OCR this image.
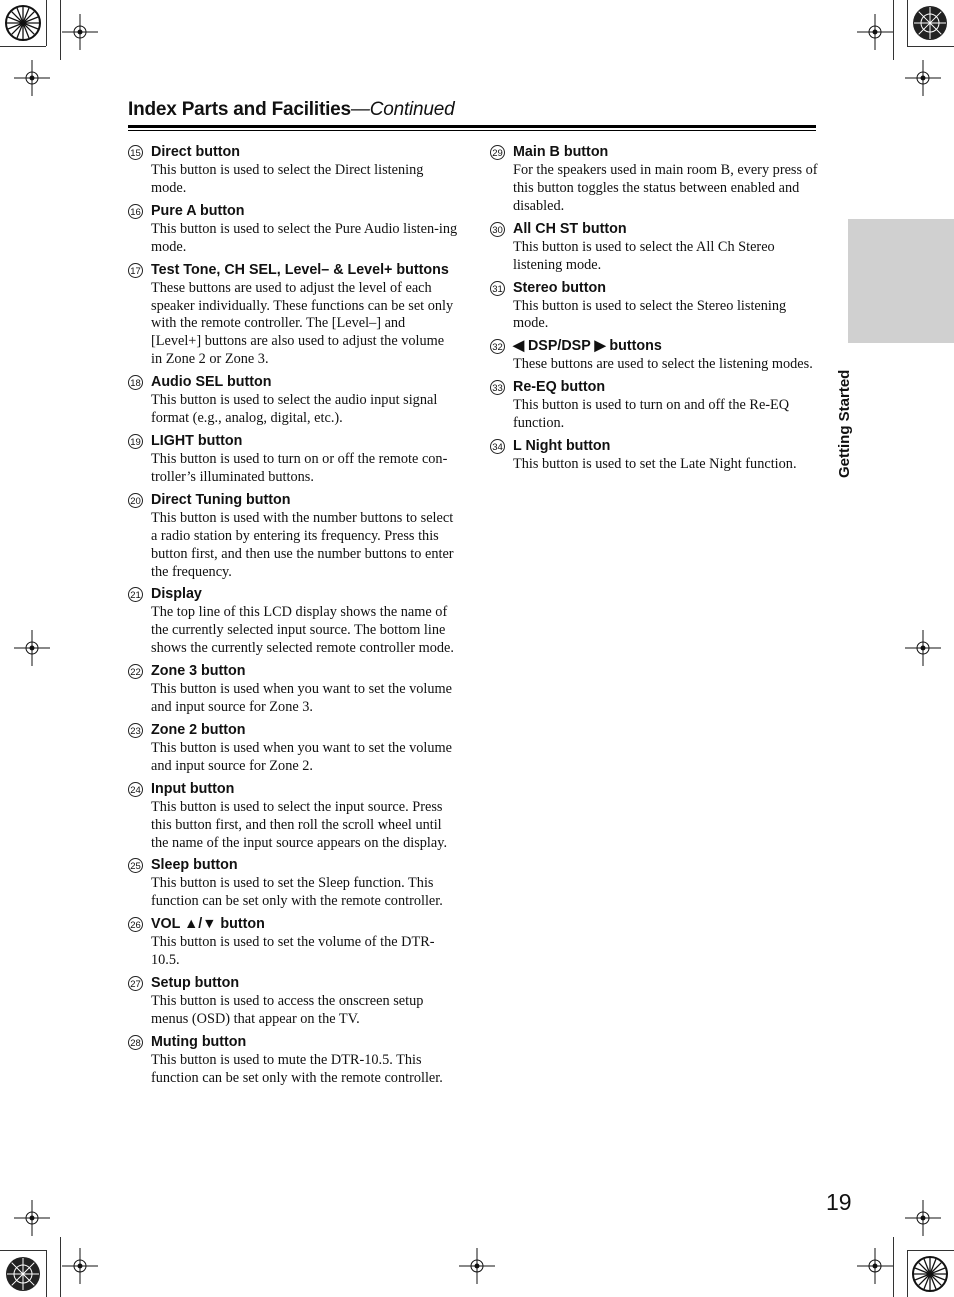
Index Parts and Facilities—Continued
Getting Started
15 Direct button
This button is used to select the Direct listening mode.
16 Pure A button
This button is used to select the Pure Audio listen-ing mode.
17 Test Tone, CH SEL, Level– & Level+ buttons
These buttons are used to adjust the level of each speaker individually. These functions can be set only with the remote controller. The [Level–] and [Level+] buttons are also used to adjust the volume in Zone 2 or Zone 3.
18 Audio SEL button
This button is used to select the audio input signal format (e.g., analog, digital, etc.).
19 LIGHT button
This button is used to turn on or off the remote con-troller’s illuminated buttons.
20 Direct Tuning button
This button is used with the number buttons to select a radio station by entering its frequency. Press this button first, and then use the number buttons to enter the frequency.
21 Display
The top line of this LCD display shows the name of the currently selected input source. The bottom line shows the currently selected remote controller mode.
22 Zone 3 button
This button is used when you want to set the volume and input source for Zone 3.
23 Zone 2 button
This button is used when you want to set the volume and input source for Zone 2.
24 Input button
This button is used to select the input source. Press this button first, and then roll the scroll wheel until the name of the input source appears on the display.
25 Sleep button
This button is used to set the Sleep function. This function can be set only with the remote controller.
26 VOL ▲/▼ button
This button is used to set the volume of the DTR-10.5.
27 Setup button
This button is used to access the onscreen setup menus (OSD) that appear on the TV.
28 Muting button
This button is used to mute the DTR-10.5. This function can be set only with the remote controller.
29 Main B button
For the speakers used in main room B, every press of this button toggles the status between enabled and disabled.
30 All CH ST button
This button is used to select the All Ch Stereo listening mode.
31 Stereo button
This button is used to select the Stereo listening mode.
32 ◀ DSP/DSP ▶ buttons
These buttons are used to select the listening modes.
33 Re-EQ button
This button is used to turn on and off the Re-EQ function.
34 L Night button
This button is used to set the Late Night function.
19
